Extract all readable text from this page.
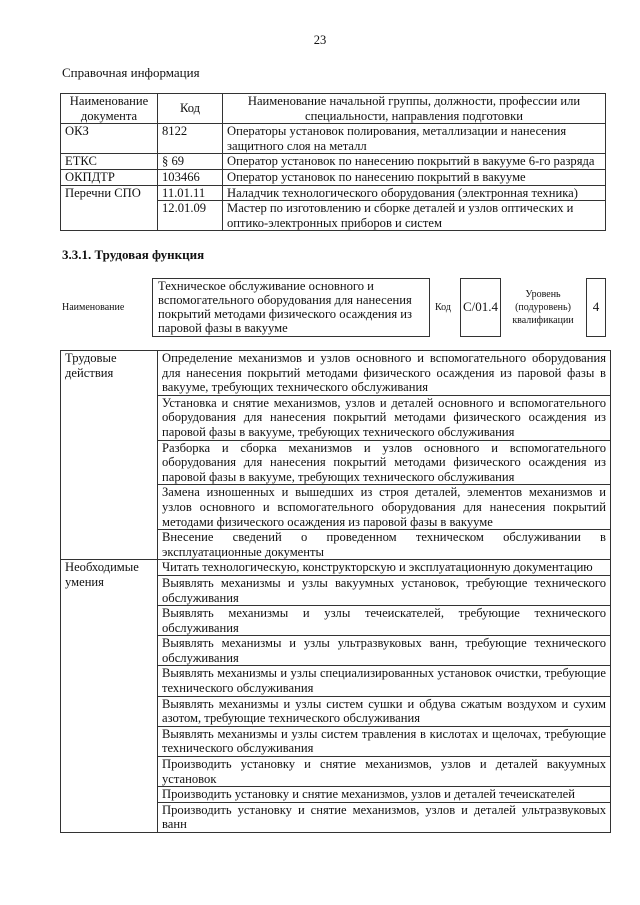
23
Справочная информация
Наименование документа	Код	Наименование начальной группы, должности, профессии или специальности, направления подготовки
ОКЗ	8122	Операторы установок полирования, металлизации и нанесения защитного слоя на металл
ЕТКС	§ 69	Оператор установок по нанесению покрытий в вакууме 6-го разряда
ОКПДТР	103466	Оператор установок по нанесению покрытий в вакууме
Перечни СПО	11.01.11	Наладчик технологического оборудования (электронная техника)
	12.01.09	Мастер по изготовлению и сборке деталей и узлов оптических и оптико-электронных приборов и систем
3.3.1. Трудовая функция
Наименование
Техническое обслуживание основного и вспомогательного оборудования для нанесения покрытий методами физического осаждения из паровой фазы в вакууме
Код C/01.4
Уровень (подуровень) квалификации
4
Трудовые действия	Определение механизмов и узлов основного и вспомогательного оборудования для нанесения покрытий методами физического осаждения из паровой фазы в вакууме, требующих технического обслуживания
	Установка и снятие механизмов, узлов и деталей основного и вспомогательного оборудования для нанесения покрытий методами физического осаждения из паровой фазы в вакууме, требующих технического обслуживания
	Разборка и сборка механизмов и узлов основного и вспомогательного оборудования для нанесения покрытий методами физического осаждения из паровой фазы в вакууме, требующих технического обслуживания
	Замена изношенных и вышедших из строя деталей, элементов механизмов и узлов основного и вспомогательного оборудования для нанесения покрытий методами физического осаждения из паровой фазы в вакууме
	Внесение сведений о проведенном техническом обслуживании в эксплуатационные документы
Необходимые умения	Читать технологическую, конструкторскую и эксплуатационную документацию
	Выявлять механизмы и узлы вакуумных установок, требующие технического обслуживания
	Выявлять механизмы и узлы течеискателей, требующие технического обслуживания
	Выявлять механизмы и узлы ультразвуковых ванн, требующие технического обслуживания
	Выявлять механизмы и узлы специализированных установок очистки, требующие технического обслуживания
	Выявлять механизмы и узлы систем сушки и обдува сжатым воздухом и сухим азотом, требующие технического обслуживания
	Выявлять механизмы и узлы систем травления в кислотах и щелочах, требующие технического обслуживания
	Производить установку и снятие механизмов, узлов и деталей вакуумных установок
	Производить установку и снятие механизмов, узлов и деталей течеискателей
	Производить установку и снятие механизмов, узлов и деталей ультразвуковых ванн
